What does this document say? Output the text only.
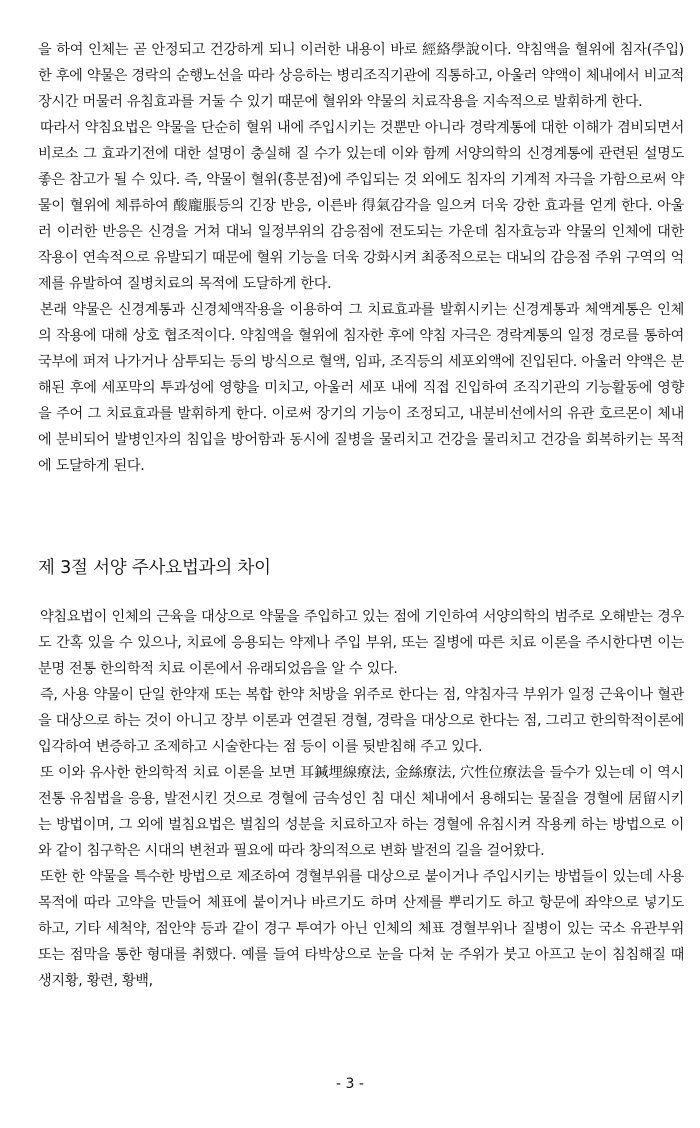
을 하여 인체는 곧 안정되고 건강하게 되니 이러한 내용이 바로 經絡學說이다. 약침액을 혈위에 침자(주입)한 후에 약물은 경락의 순행노선을 따라 상응하는 병리조직기관에 직통하고, 아울러 약액이 체내에서 비교적 장시간 머물러 유침효과를 거둘 수 있기 때문에 혈위와 약물의 치료작용을 지속적으로 발휘하게 한다.

따라서 약침요법은 약물을 단순히 혈위 내에 주입시키는 것뿐만 아니라 경락계통에 대한 이해가 겸비되면서 비로소 그 효과기전에 대한 설명이 충실해 질 수가 있는데 이와 함께 서양의학의 신경계통에 관련된 설명도 좋은 참고가 될 수 있다. 즉, 약물이 혈위(흥분점)에 주입되는 것 외에도 침자의 기계적 자극을 가함으로써 약물이 혈위에 체류하여 酸龐脹등의 긴장 반응, 이른바 得氣감각을 일으켜 더욱 강한 효과를 얻게 한다. 아울러 이러한 반응은 신경을 거쳐 대뇌 일정부위의 감응점에 전도되는 가운데 침자효능과 약물의 인체에 대한 작용이 연속적으로 유발되기 때문에 혈위 기능을 더욱 강화시켜 최종적으로는 대뇌의 감응점 주위 구역의 억제를 유발하여 질병치료의 목적에 도달하게 한다.

본래 약물은 신경계통과 신경체액작용을 이용하여 그 치료효과를 발휘시키는 신경계통과 체액계통은 인체의 작용에 대해 상호 협조적이다. 약침액을 혈위에 침자한 후에 약침 자극은 경락계통의 일정 경로를 통하여 국부에 퍼져 나가거나 삼투되는 등의 방식으로 혈액, 임파, 조직등의 세포외액에 진입된다. 아울러 약액은 분해된 후에 세포막의 투과성에 영향을 미치고, 아울러 세포 내에 직접 진입하여 조직기관의 기능활동에 영향을 주어 그 치료효과를 발휘하게 한다. 이로써 장기의 기능이 조정되고, 내분비선에서의 유관 호르몬이 체내에 분비되어 발병인자의 침입을 방어함과 동시에 질병을 물리치고 건강을 물리치고 건강을 회복하키는 목적에 도달하게 된다.

제 3절 서양 주사요법과의 차이

약침요법이 인체의 근육을 대상으로 약물을 주입하고 있는 점에 기인하여 서양의학의 범주로 오해받는 경우도 간혹 있을 수 있으나, 치료에 응용되는 약제나 주입 부위, 또는 질병에 따른 치료 이론을 주시한다면 이는 분명 전통 한의학적 치료 이론에서 유래되었음을 알 수 있다.

즉, 사용 약물이 단일 한약재 또는 복합 한약 처방을 위주로 한다는 점, 약침자극 부위가 일정 근육이나 혈관을 대상으로 하는 것이 아니고 장부 이론과 연결된 경혈, 경락을 대상으로 한다는 점, 그리고 한의학적이론에 입각하여 변증하고 조제하고 시술한다는 점 등이 이를 뒷받침해 주고 있다.

또 이와 유사한 한의학적 치료 이론을 보면 耳鍼埋線療法, 金絲療法, 穴性位療法을 들수가 있는데 이 역시 전통 유침법을 응용, 발전시킨 것으로 경혈에 금속성인 침 대신 체내에서 용해되는 물질을 경혈에 居留시키는 방법이며, 그 외에 벌침요법은 벌침의 성분을 치료하고자 하는 경혈에 유침시켜 작용케 하는 방법으로 이와 같이 침구학은 시대의 변천과 필요에 따라 창의적으로 변화 발전의 길을 걸어왔다.

또한 한 약물을 특수한 방법으로 제조하여 경혈부위를 대상으로 붙이거나 주입시키는 방법들이 있는데 사용 목적에 따라 고약을 만들어 체표에 붙이거나 바르기도 하며 산제를 뿌리기도 하고 항문에 좌약으로 넣기도 하고, 기타 세척약, 점안약 등과 같이 경구 투여가 아닌 인체의 체표 경혈부위나 질병이 있는 국소 유관부위 또는 점막을 통한 형대를 취했다. 예를 들여 타박상으로 눈을 다쳐 눈 주위가 붓고 아프고 눈이 침침해질 때 생지황, 황련, 황백,

- 3 -
